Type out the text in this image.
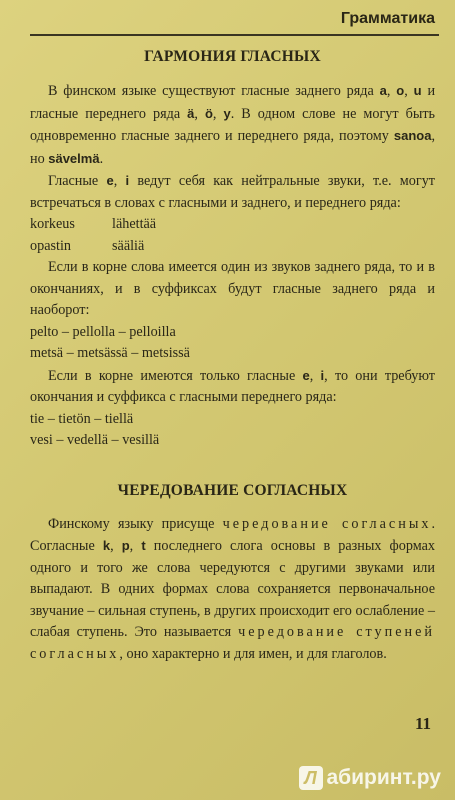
Грамматика
ГАРМОНИЯ ГЛАСНЫХ

В финском языке существуют гласные заднего ряда a, o, u и гласные переднего ряда ä, ö, y. В одном слове не могут быть одновременно гласные заднего и переднего ряда, поэтому sanoa, но sävelmä.

Гласные e, i ведут себя как нейтральные звуки, т.е. могут встречаться в словах с гласными и заднего, и переднего ряда:

korkeus	lähettää
opastin	sääliä

Если в корне слова имеется один из звуков заднего ряда, то и в окончаниях, и в суффиксах будут гласные заднего ряда и наоборот:

pelto – pellolla – pelloilla
metsä – metsässä – metsissä

Если в корне имеются только гласные e, i, то они требуют окончания и суффикса с гласными переднего ряда:

tie – tietön – tiellä
vesi – vedellä – vesillä
ЧЕРЕДОВАНИЕ СОГЛАСНЫХ

Финскому языку присуще чередование согласных. Согласные k, p, t последнего слога основы в разных формах одного и того же слова чередуются с другими звуками или выпадают. В одних формах слова сохраняется первоначальное звучание – сильная ступень, в других происходит его ослабление – слабая ступень. Это называется чередование ступеней согласных, оно характерно и для имен, и для глаголов.

11
Л абиринт.ру
